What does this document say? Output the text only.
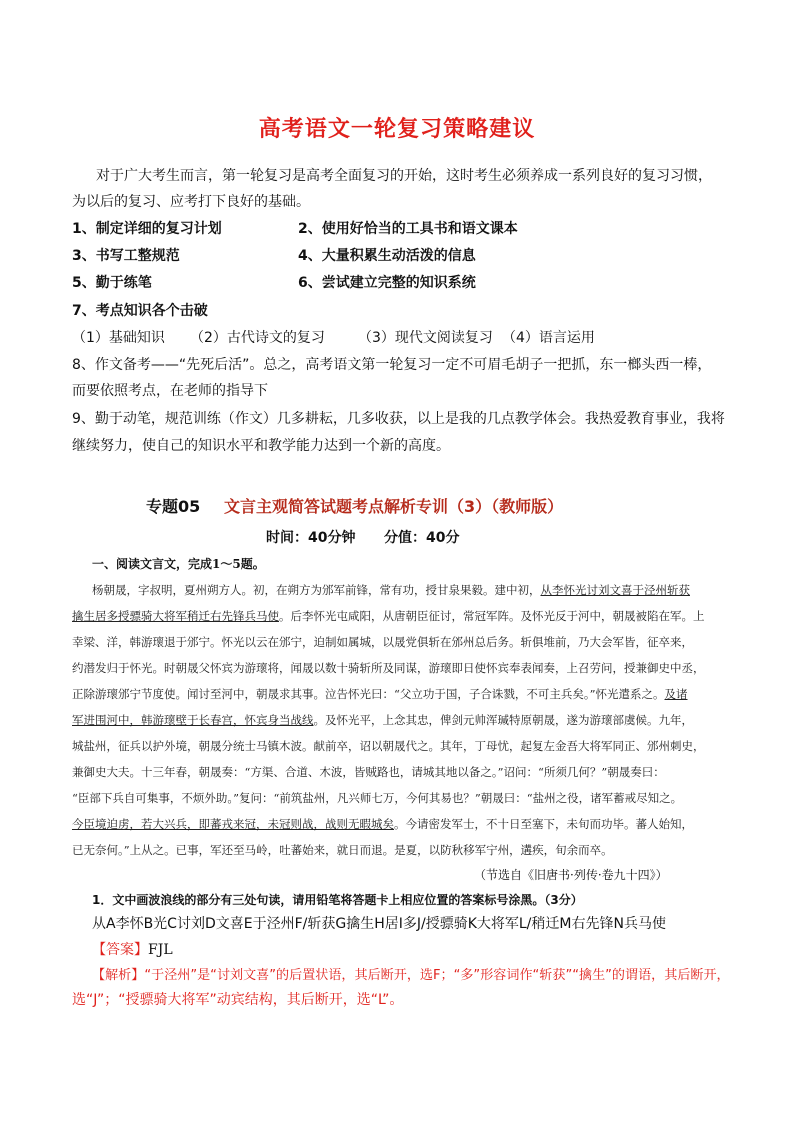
高考语文一轮复习策略建议
对于广大考生而言，第一轮复习是高考全面复习的开始，这时考生必须养成一系列良好的复习习惯，
为以后的复习、应考打下良好的基础。
1、制定详细的复习计划	2、使用好恰当的工具书和语文课本
3、书写工整规范	4、大量积累生动活泼的信息
5、勤于练笔	6、尝试建立完整的知识系统
7、考点知识各个击破
（1）基础知识 （2）古代诗文的复习 （3）现代文阅读复习 （4）语言运用
8、作文备考——“先死后活”。总之，高考语文第一轮复习一定不可眉毛胡子一把抓，东一榔头西一棒，
而要依照考点，在老师的指导下
9、勤于动笔，规范训练（作文）几多耕耘，几多收获，以上是我的几点教学体会。我热爱教育事业，我将
继续努力，使自己的知识水平和教学能力达到一个新的高度。
专题05 文言主观简答试题考点解析专训（3）（教师版）
时间：40分钟 分值：40分
一、阅读文言文，完成1～5题。
杨朝晟，字叔明，夏州朔方人。初，在朔方为邠军前锋，常有功，授甘泉果毅。建中初，从李怀光讨刘文喜于泾州斩获
擒生居多授骠骑大将军稍迁右先锋兵马使。后李怀光屯咸阳，从唐朝臣征讨，常冠军阵。及怀光反于河中，朝晟被陷在军。上
幸梁、洋，韩游瓌退于邠宁。怀光以云在邠宁，迫制如属城，以晟党俱斩在邠州总后务。斩俱堆前，乃大会军皆，征卒来，
约潜发归于怀光。时朝晟父怀宾为游瓌将，闻晟以数十骑斩所及同谋，游瓌即日使怀宾奉表闻奏，上召劳问，授兼御史中丞，
正除游瓌邠宁节度使。闻讨至河中，朝晟求其事。泣告怀光曰：“父立功于国，子合诛戮，不可主兵矣。”怀光遣系之。及诸
军进围河中，韩游瓌壁于长春宫，怀宾身当战线。及怀光平，上念其忠，俾剑元帅浑瑊特原朝晟，遂为游瓌部虞候。九年，
城盐州，征兵以护外境，朝晟分统士马镇木波。献前卒，诏以朝晟代之。其年，丁母忧，起复左金吾大将军同正、邠州刺史，
兼御史大夫。十三年春，朝晟奏：“方渠、合道、木波，皆贼路也，请城其地以备之。”诏问：“所须几何？”朝晟奏曰：
“臣部下兵自可集事，不烦外助。”复问：“前筑盐州，凡兴师七万，今何其易也？”朝晟曰：“盐州之役，诸军蓄戒尽知之。
今臣境迫虏，若大兴兵，即蕃戎来冠，未冠则战，战则无暇城矣。今请密发军士，不十日至塞下，未旬而功毕。蕃人始知，
已无奈何。”上从之。已事，军还至马岭，吐蕃始来，就日而退。是夏，以防秋移军宁州，遘疾，旬余而卒。
（节选自《旧唐书·列传·卷九十四》）
1．文中画波浪线的部分有三处句读，请用铅笔将答题卡上相应位置的答案标号涂黑。（3分）
从A李怀B光C讨刘D文喜E于泾州F/斩获G擒生H居I多J/授骠骑K大将军L/稍迁M右先锋N兵马使
【答案】FJL
【解析】“于泾州”是“讨刘文喜”的后置状语，其后断开，选F；“多”形容词作“斩获”“擒生”的谓语，其后断开，
选“J”；“授骠骑大将军”动宾结构，其后断开，选“L”。
